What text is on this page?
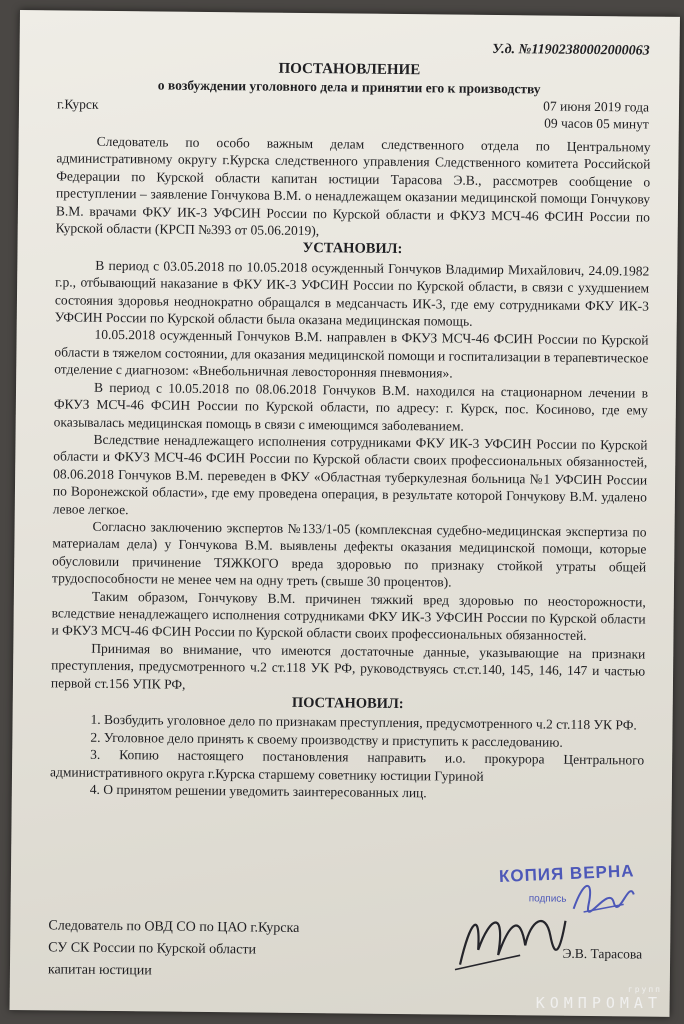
У.д. №11902380002000063
ПОСТАНОВЛЕНИЕ
о возбуждении уголовного дела и принятии его к производству
г.Курск	07 июня 2019 года
09 часов 05 минут

Следователь по особо важным делам следственного отдела по Центральному административному округу г.Курска следственного управления Следственного комитета Российской Федерации по Курской области капитан юстиции Тарасова Э.В., рассмотрев сообщение о преступлении – заявление Гончукова В.М. о ненадлежащем оказании медицинской помощи Гончукову В.М. врачами ФКУ ИК-3 УФСИН России по Курской области и ФКУЗ МСЧ-46 ФСИН России по Курской области (КРСП №393 от 05.06.2019),

УСТАНОВИЛ:

В период с 03.05.2018 по 10.05.2018 осужденный Гончуков Владимир Михайлович, 24.09.1982 г.р., отбывающий наказание в ФКУ ИК-3 УФСИН России по Курской области, в связи с ухудшением состояния здоровья неоднократно обращался в медсанчасть ИК-3, где ему сотрудниками ФКУ ИК-3 УФСИН России по Курской области была оказана медицинская помощь.

10.05.2018 осужденный Гончуков В.М. направлен в ФКУЗ МСЧ-46 ФСИН России по Курской области в тяжелом состоянии, для оказания медицинской помощи и госпитализации в терапевтическое отделение с диагнозом: «Внебольничная левосторонняя пневмония».

В период с 10.05.2018 по 08.06.2018 Гончуков В.М. находился на стационарном лечении в ФКУЗ МСЧ-46 ФСИН России по Курской области, по адресу: г. Курск, пос. Косиново, где ему оказывалась медицинская помощь в связи с имеющимся заболеванием.

Вследствие ненадлежащего исполнения сотрудниками ФКУ ИК-3 УФСИН России по Курской области и ФКУЗ МСЧ-46 ФСИН России по Курской области своих профессиональных обязанностей, 08.06.2018 Гончуков В.М. переведен в ФКУ «Областная туберкулезная больница №1 УФСИН России по Воронежской области», где ему проведена операция, в результате которой Гончукову В.М. удалено левое легкое.

Согласно заключению экспертов №133/1-05 (комплексная судебно-медицинская экспертиза по материалам дела) у Гончукова В.М. выявлены дефекты оказания медицинской помощи, которые обусловили причинение ТЯЖКОГО вреда здоровью по признаку стойкой утраты общей трудоспособности не менее чем на одну треть (свыше 30 процентов).

Таким образом, Гончукову В.М. причинен тяжкий вред здоровью по неосторожности, вследствие ненадлежащего исполнения сотрудниками ФКУ ИК-3 УФСИН России по Курской области и ФКУЗ МСЧ-46 ФСИН России по Курской области своих профессиональных обязанностей.

Принимая во внимание, что имеются достаточные данные, указывающие на признаки преступления, предусмотренного ч.2 ст.118 УК РФ, руководствуясь ст.ст.140, 145, 146, 147 и частью первой ст.156 УПК РФ,

ПОСТАНОВИЛ:

1. Возбудить уголовное дело по признакам преступления, предусмотренного ч.2 ст.118 УК РФ.

2. Уголовное дело принять к своему производству и приступить к расследованию.

3. Копию настоящего постановления направить и.о. прокурора Центрального административного округа г.Курска старшему советнику юстиции Гуриной

4. О принятом решении уведомить заинтересованных лиц.

КОПИЯ ВЕРНА
подпись
Следователь по ОВД СО по ЦАО г.Курска
СУ СК России по Курской области
капитан юстиции
Э.В. Тарасова
групп
КОМПРОМАТ
